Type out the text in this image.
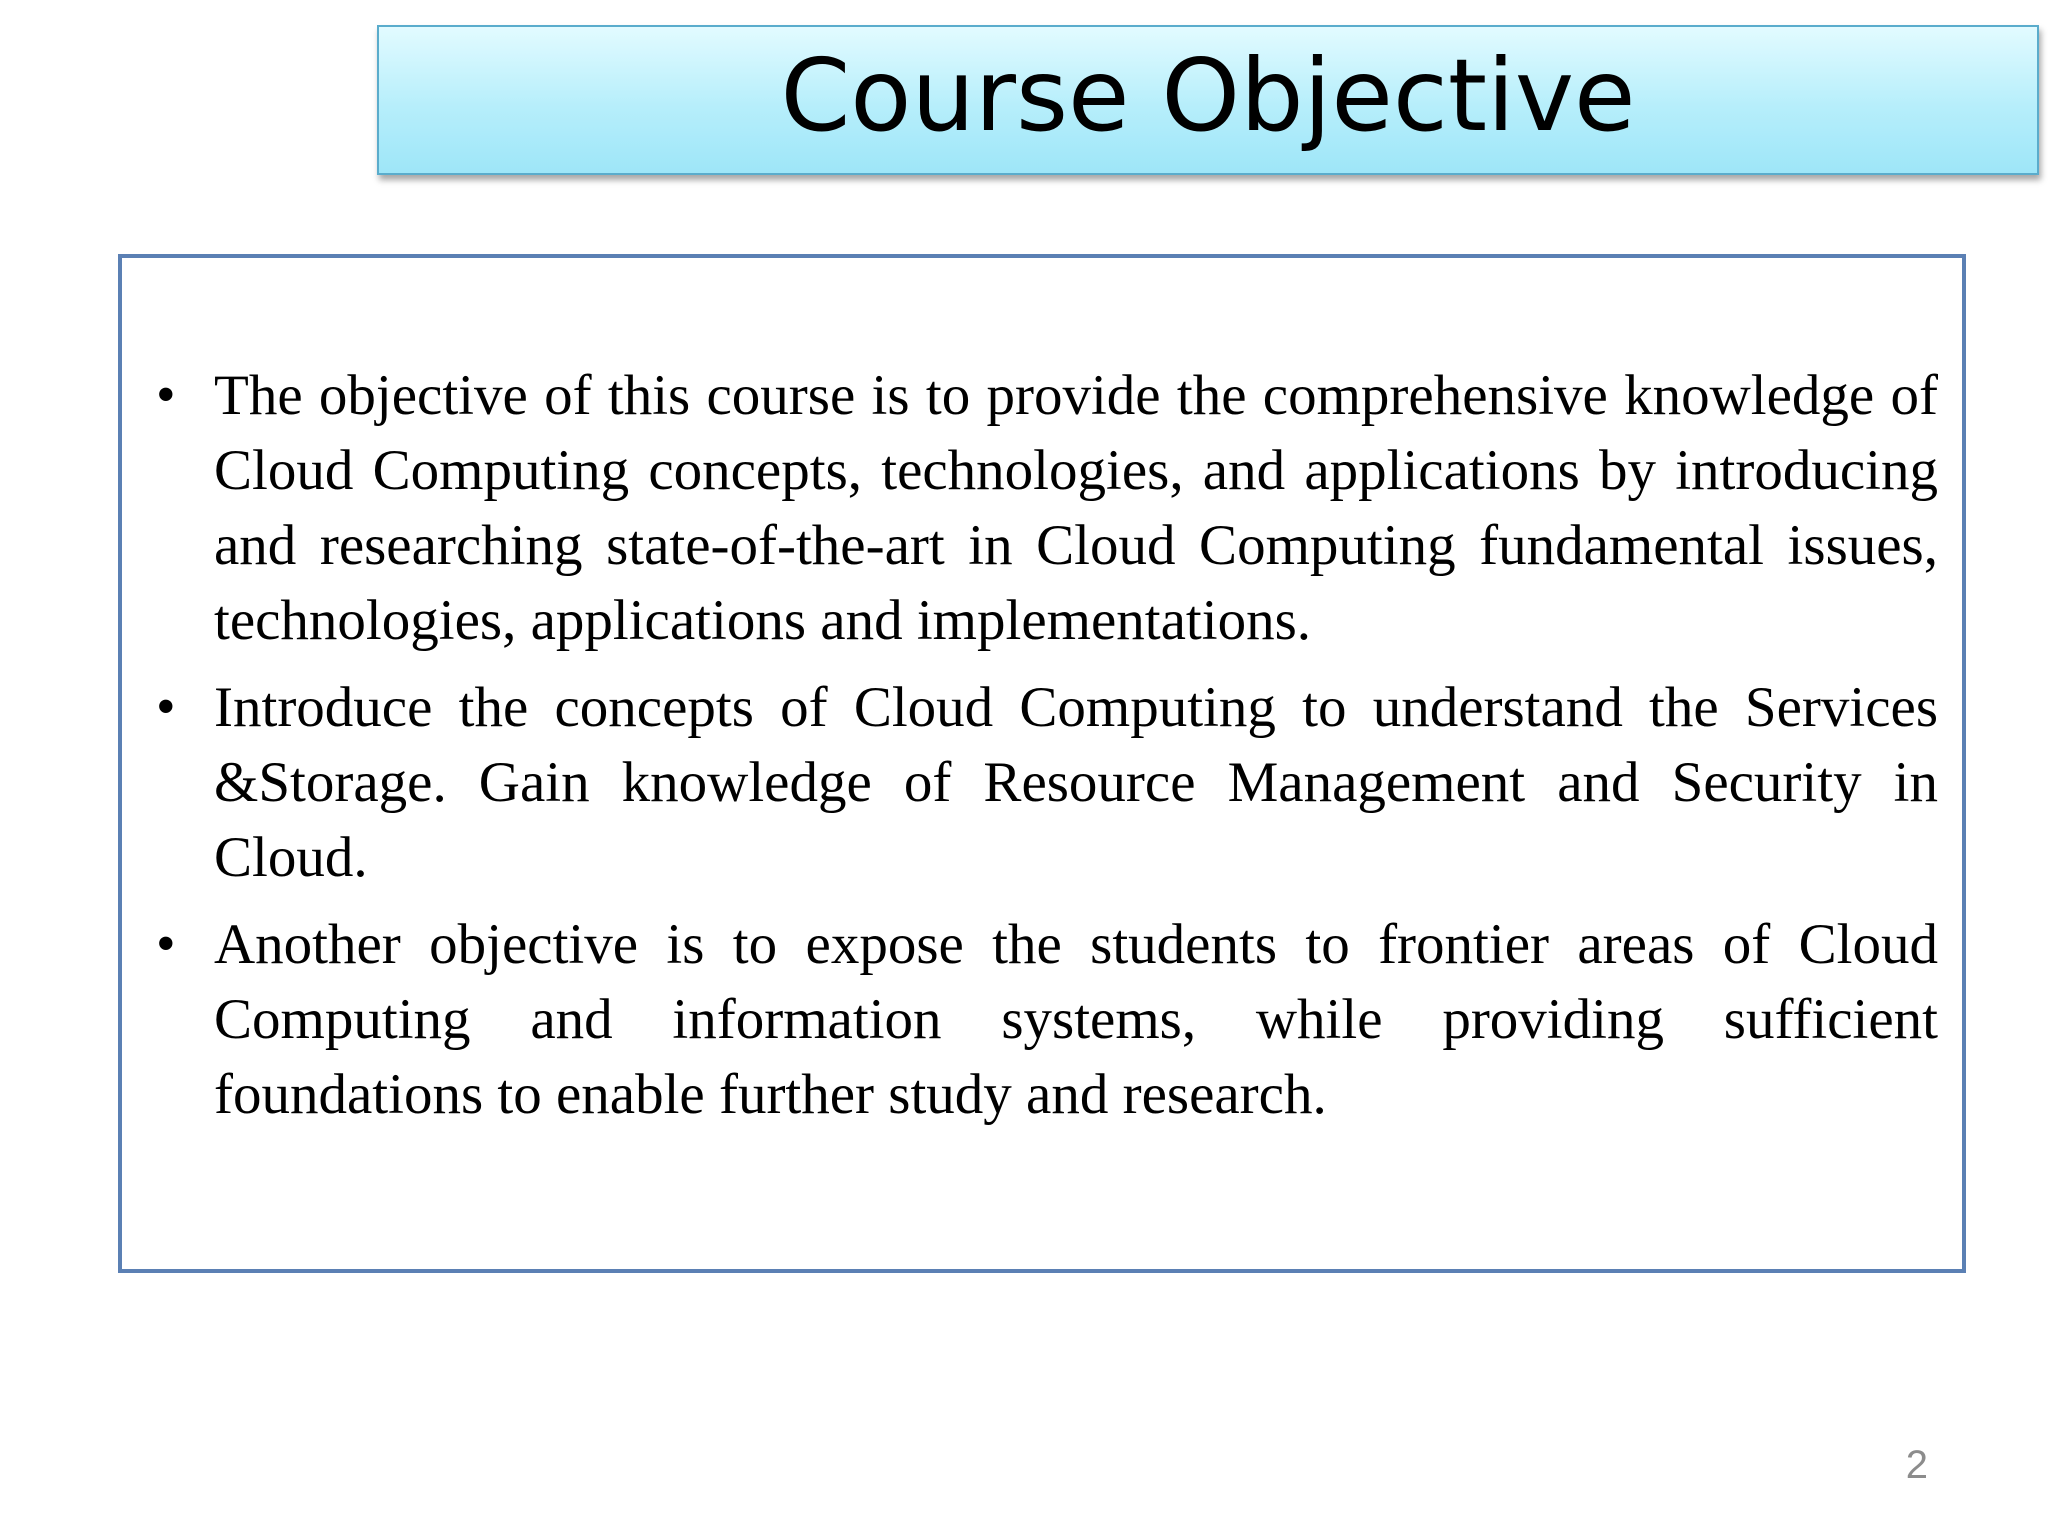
Course Objective
• The objective of this course is to provide the comprehensive knowledge of Cloud Computing concepts, technologies, and applications by introducing and researching state-of-the-art in Cloud Computing fundamental issues, technologies, applications and implementations.
• Introduce the concepts of Cloud Computing to understand the Services &Storage. Gain knowledge of Resource Management and Security in Cloud.
• Another objective is to expose the students to frontier areas of Cloud Computing and information systems, while providing sufficient foundations to enable further study and research.
2
